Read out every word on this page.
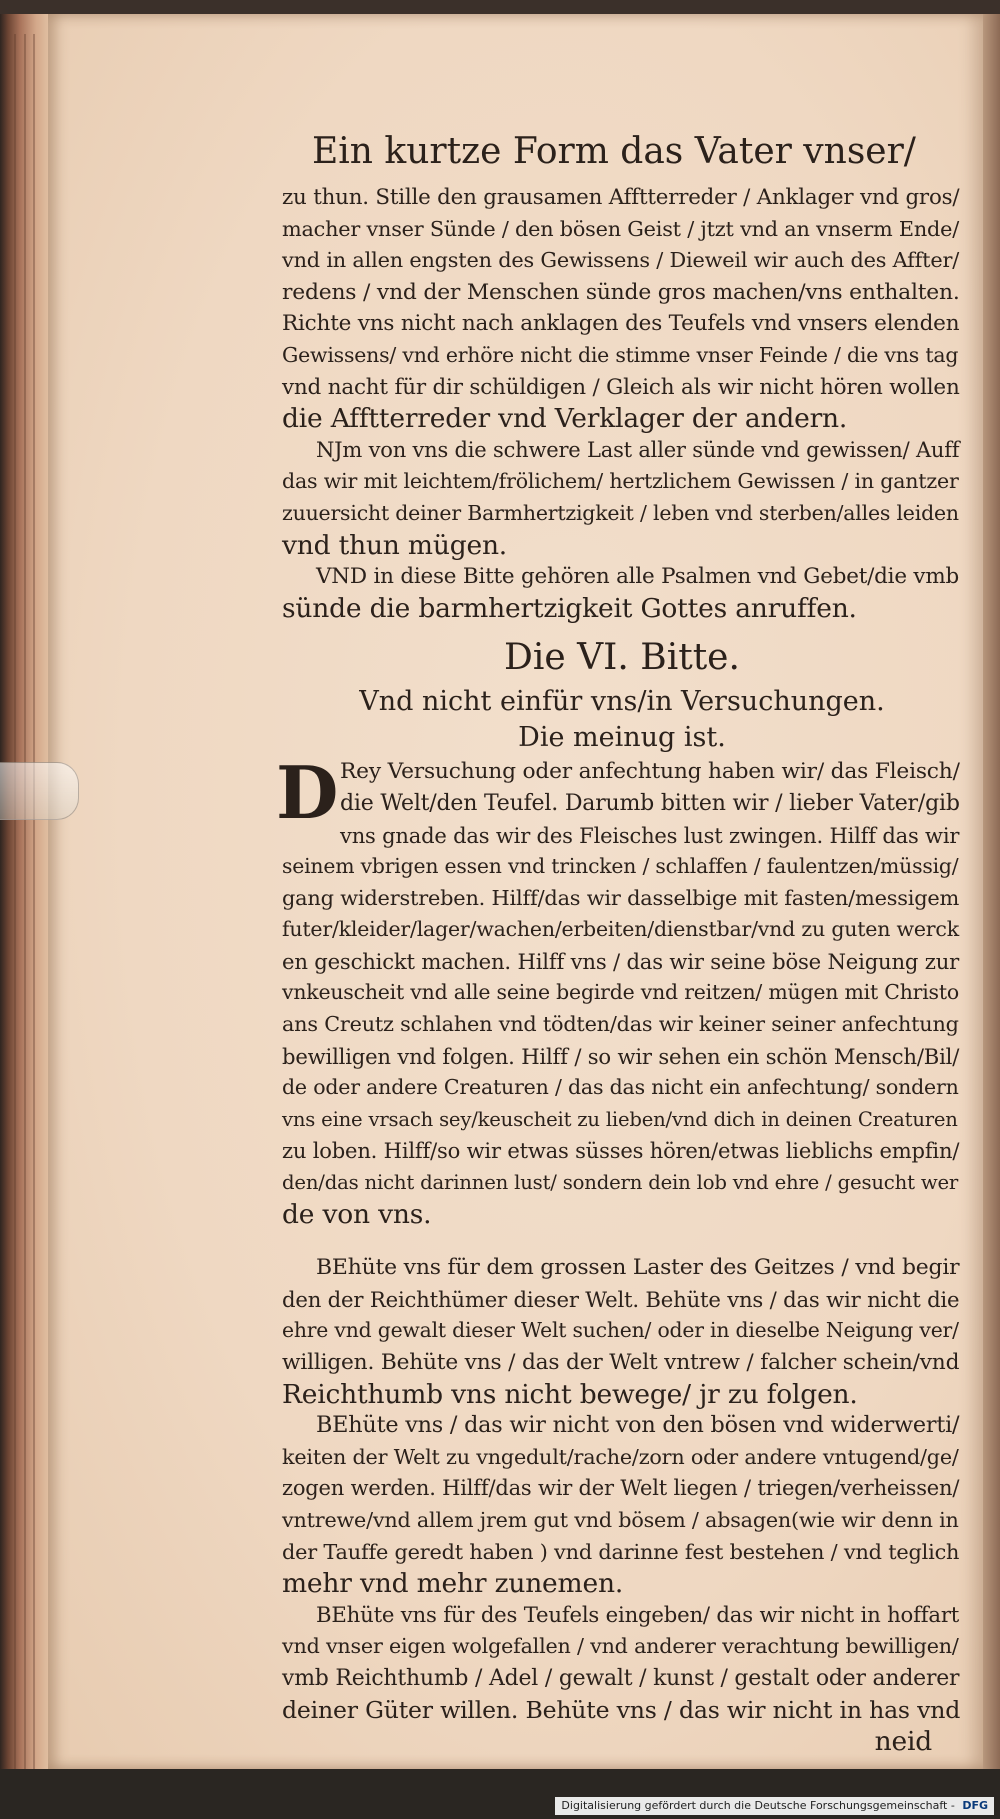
Ein kurtze Form das Vater vnser/
zu thun. Stille den grausamen Afftterreder / Anklager vnd gros/
macher vnser Sünde / den bösen Geist / jtzt vnd an vnserm Ende/
vnd in allen engsten des Gewissens / Dieweil wir auch des Affter/
redens / vnd der Menschen sünde gros machen/vns enthalten.
Richte vns nicht nach anklagen des Teufels vnd vnsers elenden
Gewissens/ vnd erhöre nicht die stimme vnser Feinde / die vns tag
vnd nacht für dir schüldigen / Gleich als wir nicht hören wollen
die Afftterreder vnd Verklager der andern.
NJm von vns die schwere Last aller sünde vnd gewissen/ Auff
das wir mit leichtem/frölichem/ hertzlichem Gewissen / in gantzer
zuuersicht deiner Barmhertzigkeit / leben vnd sterben/alles leiden
vnd thun mügen.
VND in diese Bitte gehören alle Psalmen vnd Gebet/die vmb
sünde die barmhertzigkeit Gottes anruffen.
Die VI. Bitte.
Vnd nicht einfür vns/in Versuchungen.
Die meinug ist.
D Rey Versuchung oder anfechtung haben wir/ das Fleisch/
die Welt/den Teufel. Darumb bitten wir / lieber Vater/gib
vns gnade das wir des Fleisches lust zwingen. Hilff das wir
seinem vbrigen essen vnd trincken / schlaffen / faulentzen/müssig/
gang widerstreben. Hilff/das wir dasselbige mit fasten/messigem
futer/kleider/lager/wachen/erbeiten/dienstbar/vnd zu guten werck
en geschickt machen. Hilff vns / das wir seine böse Neigung zur
vnkeuscheit vnd alle seine begirde vnd reitzen/ mügen mit Christo
ans Creutz schlahen vnd tödten/das wir keiner seiner anfechtung
bewilligen vnd folgen. Hilff / so wir sehen ein schön Mensch/Bil/
de oder andere Creaturen / das das nicht ein anfechtung/ sondern
vns eine vrsach sey/keuscheit zu lieben/vnd dich in deinen Creaturen
zu loben. Hilff/so wir etwas süsses hören/etwas lieblichs empfin/
den/das nicht darinnen lust/ sondern dein lob vnd ehre / gesucht wer
de von vns.
BEhüte vns für dem grossen Laster des Geitzes / vnd begir
den der Reichthümer dieser Welt. Behüte vns / das wir nicht die
ehre vnd gewalt dieser Welt suchen/ oder in dieselbe Neigung ver/
willigen. Behüte vns / das der Welt vntrew / falcher schein/vnd
Reichthumb vns nicht bewege/ jr zu folgen.
BEhüte vns / das wir nicht von den bösen vnd widerwerti/
keiten der Welt zu vngedult/rache/zorn oder andere vntugend/ge/
zogen werden. Hilff/das wir der Welt liegen / triegen/verheissen/
vntrewe/vnd allem jrem gut vnd bösem / absagen(wie wir denn in
der Tauffe geredt haben ) vnd darinne fest bestehen / vnd teglich
mehr vnd mehr zunemen.
BEhüte vns für des Teufels eingeben/ das wir nicht in hoffart
vnd vnser eigen wolgefallen / vnd anderer verachtung bewilligen/
vmb Reichthumb / Adel / gewalt / kunst / gestalt oder anderer
deiner Güter willen. Behüte vns / das wir nicht in has vnd
neid
Digitalisierung gefördert durch die Deutsche Forschungsgemeinschaft - DFG
